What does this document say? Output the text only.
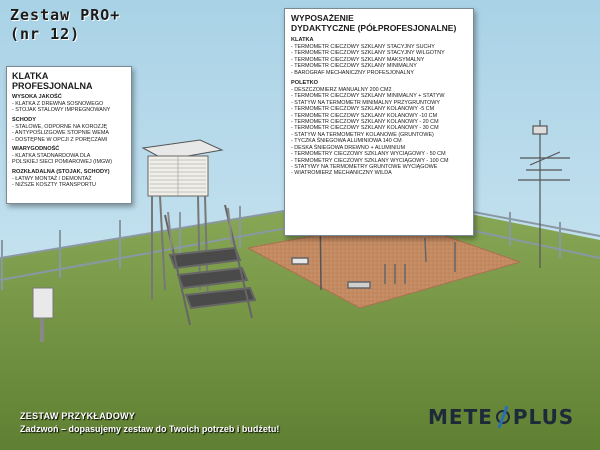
Zestaw PRO+
(nr 12)
KLATKA
PROFESJONALNA
WYSOKA JAKOŚĆ
- KLATKA Z DREWNA SOSNOWEGO
- STOJAK STALOWY IMPREGNOWANY
SCHODY
- STALOWE, ODPORNE NA KOROZJĘ
- ANTYPOŚLIZGOWE STOPNIE WEMA
- DOSTĘPNE W OPCJI Z PORĘCZAMI
WIARYGODNOŚĆ
- KLATKA STADNARDOWA DLA
POLSKIEJ SIECI POMIAROWEJ (IMGW)
ROZKŁADALNA (STOJAK, SCHODY)
- ŁATWY MONTAŻ / DEMONTAŻ
- NIŻSZE KOSZTY TRANSPORTU
WYPOSAŻENIE
DYDAKTYCZNE (PÓŁPROFESJONALNE)
KLATKA
- TERMOMETR CIECZOWY SZKLANY STACYJNY SUCHY
- TERMOMETR CIECZOWY SZKLANY STACYJNY WILGOTNY
- TERMOMETR CIECZOWY SZKLANY MAKSYMALNY
- TERMOMETR CIECZOWY SZKLANY MINIMALNY
- BAROGRAF MECHANICZNY PROFESJONALNY
POLETKO
- DESZCZOMIERZ MANUALNY 200 CM2
- TERMOMETR CIECZOWY SZKLANY MINIMALNY + STATYW
- STATYW NA TERMOMETR MINIMALNY PRZYGRUNTOWY
- TERMOMETR CIECZOWY SZKLANY KOLANOWY -5 CM
- TERMOMETR CIECZOWY SZKLANY KOLANOWY -10 CM
- TERMOMETR CIECZOWY SZKLANY KOLANOWY - 20 CM
- TERMOMETR CIECZOWY SZKLANY KOLANOWY - 30 CM
- STATYW NA TERMOMETRY KOLANOWE (GRUNTOWE)
- TYCZKA ŚNIEGOWA ALUMINIOWA 140 CM
- DESKA ŚNIEGOWA DREWNO + ALUMINIUM
- TERMOMETRY CIECZOWY SZKLANY WYCIĄGOWY - 50 CM
- TERMOMETRY CIECZOWY SZKLANY WYCIĄGOWY - 100 CM
- STATYWY NA TERMOMETRY GRUNTOWE WYCIĄGOWE
- WIATROMIERZ MECHANICZNY WILDA
ZESTAW PRZYKŁADOWY
Zadzwoń – dopasujemy zestaw do Twoich potrzeb i budżetu!	METE PLUS
